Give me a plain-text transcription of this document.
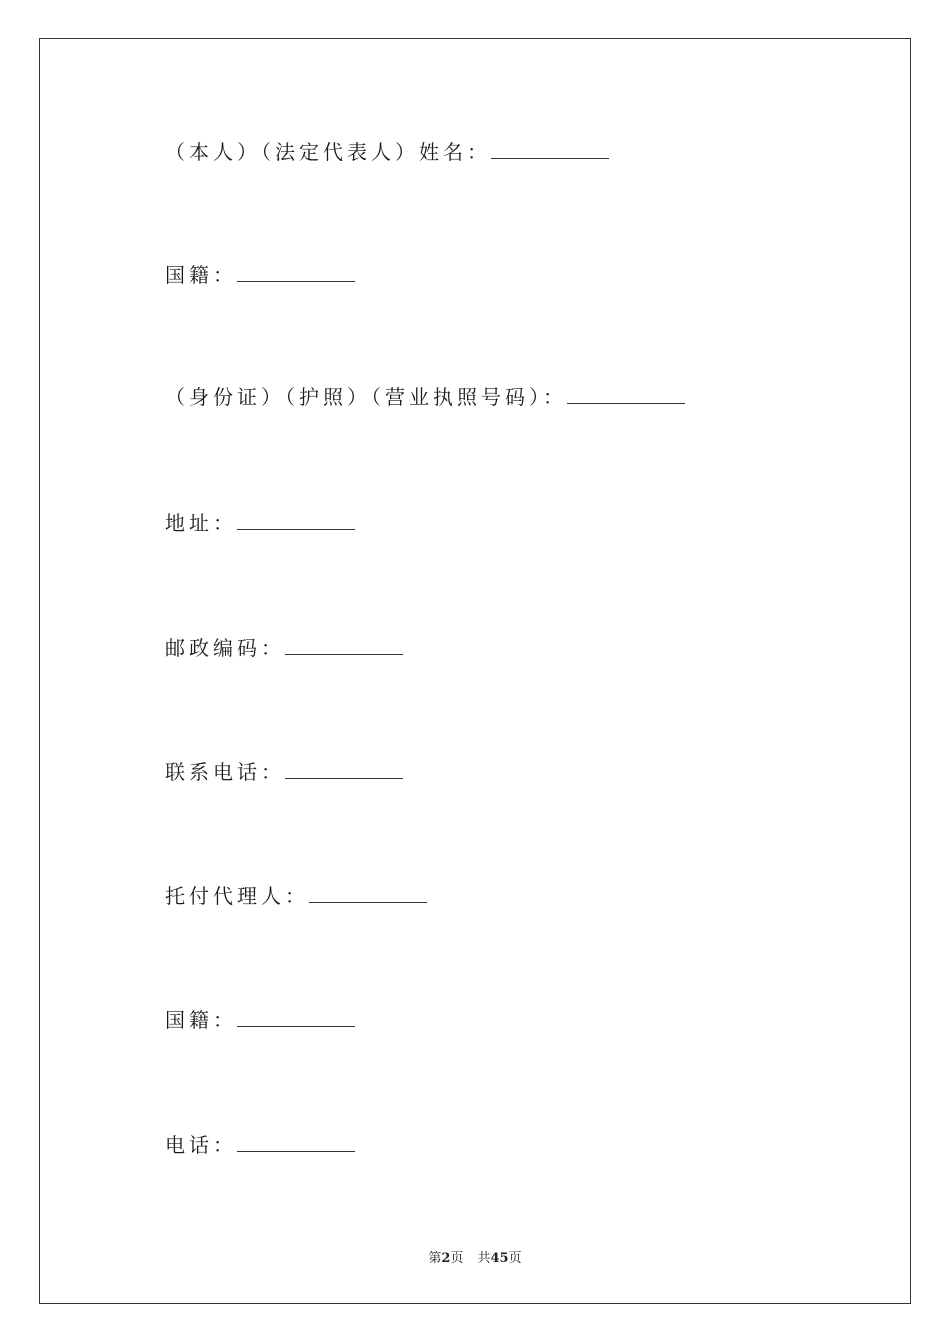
（本人）（法定代表人）姓名：
国籍：
（身份证）（护照）（营业执照号码）：
地址：
邮政编码：
联系电话：
托付代理人：
国籍：
电话：
第2页 共45页
